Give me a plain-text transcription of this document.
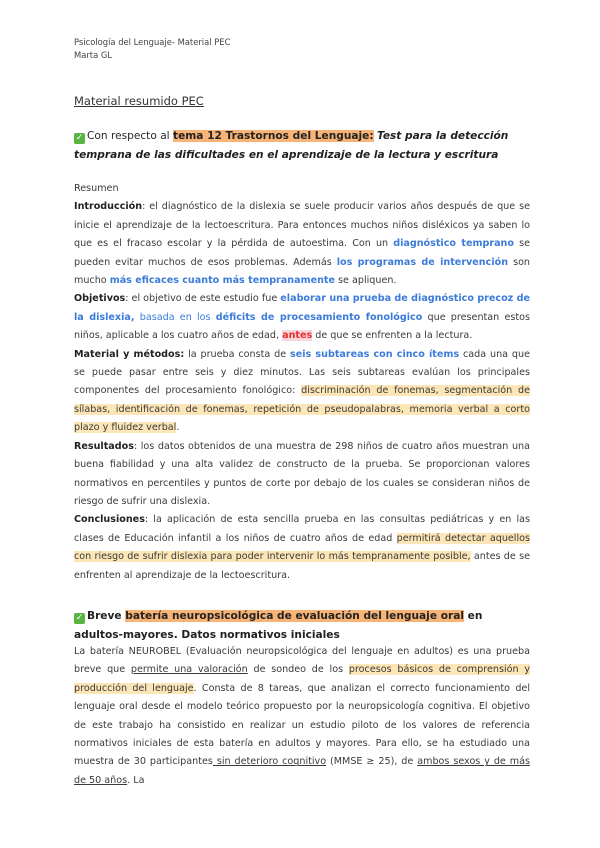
Psicología del Lenguaje- Material PEC
Marta GL
Material resumido PEC
✓ Con respecto al tema 12 Trastornos del Lenguaje: Test para la detección temprana de las dificultades en el aprendizaje de la lectura y escritura
Resumen
Introducción: el diagnóstico de la dislexia se suele producir varios años después de que se inicie el aprendizaje de la lectoescritura. Para entonces muchos niños disléxicos ya saben lo que es el fracaso escolar y la pérdida de autoestima. Con un diagnóstico temprano se pueden evitar muchos de esos problemas. Además los programas de intervención son mucho más eficaces cuanto más tempranamente se apliquen.
Objetivos: el objetivo de este estudio fue elaborar una prueba de diagnóstico precoz de la dislexia, basada en los déficits de procesamiento fonológico que presentan estos niños, aplicable a los cuatro años de edad, antes de que se enfrenten a la lectura.
Material y métodos: la prueba consta de seis subtareas con cinco ítems cada una que se puede pasar entre seis y diez minutos. Las seis subtareas evalúan los principales componentes del procesamiento fonológico: discriminación de fonemas, segmentación de sílabas, identificación de fonemas, repetición de pseudopalabras, memoria verbal a corto plazo y fluidez verbal.
Resultados: los datos obtenidos de una muestra de 298 niños de cuatro años muestran una buena fiabilidad y una alta validez de constructo de la prueba. Se proporcionan valores normativos en percentiles y puntos de corte por debajo de los cuales se consideran niños de riesgo de sufrir una dislexia.
Conclusiones: la aplicación de esta sencilla prueba en las consultas pediátricas y en las clases de Educación infantil a los niños de cuatro años de edad permitirá detectar aquellos con riesgo de sufrir dislexia para poder intervenir lo más tempranamente posible, antes de se enfrenten al aprendizaje de la lectoescritura.
✓ Breve batería neuropsicológica de evaluación del lenguaje oral en adultos-mayores. Datos normativos iniciales
La batería NEUROBEL (Evaluación neuropsicológica del lenguaje en adultos) es una prueba breve que permite una valoración de sondeo de los procesos básicos de comprensión y producción del lenguaje. Consta de 8 tareas, que analizan el correcto funcionamiento del lenguaje oral desde el modelo teórico propuesto por la neuropsicología cognitiva. El objetivo de este trabajo ha consistido en realizar un estudio piloto de los valores de referencia normativos iniciales de esta batería en adultos y mayores. Para ello, se ha estudiado una muestra de 30 participantes sin deterioro cognitivo (MMSE ≥ 25), de ambos sexos y de más de 50 años. La
